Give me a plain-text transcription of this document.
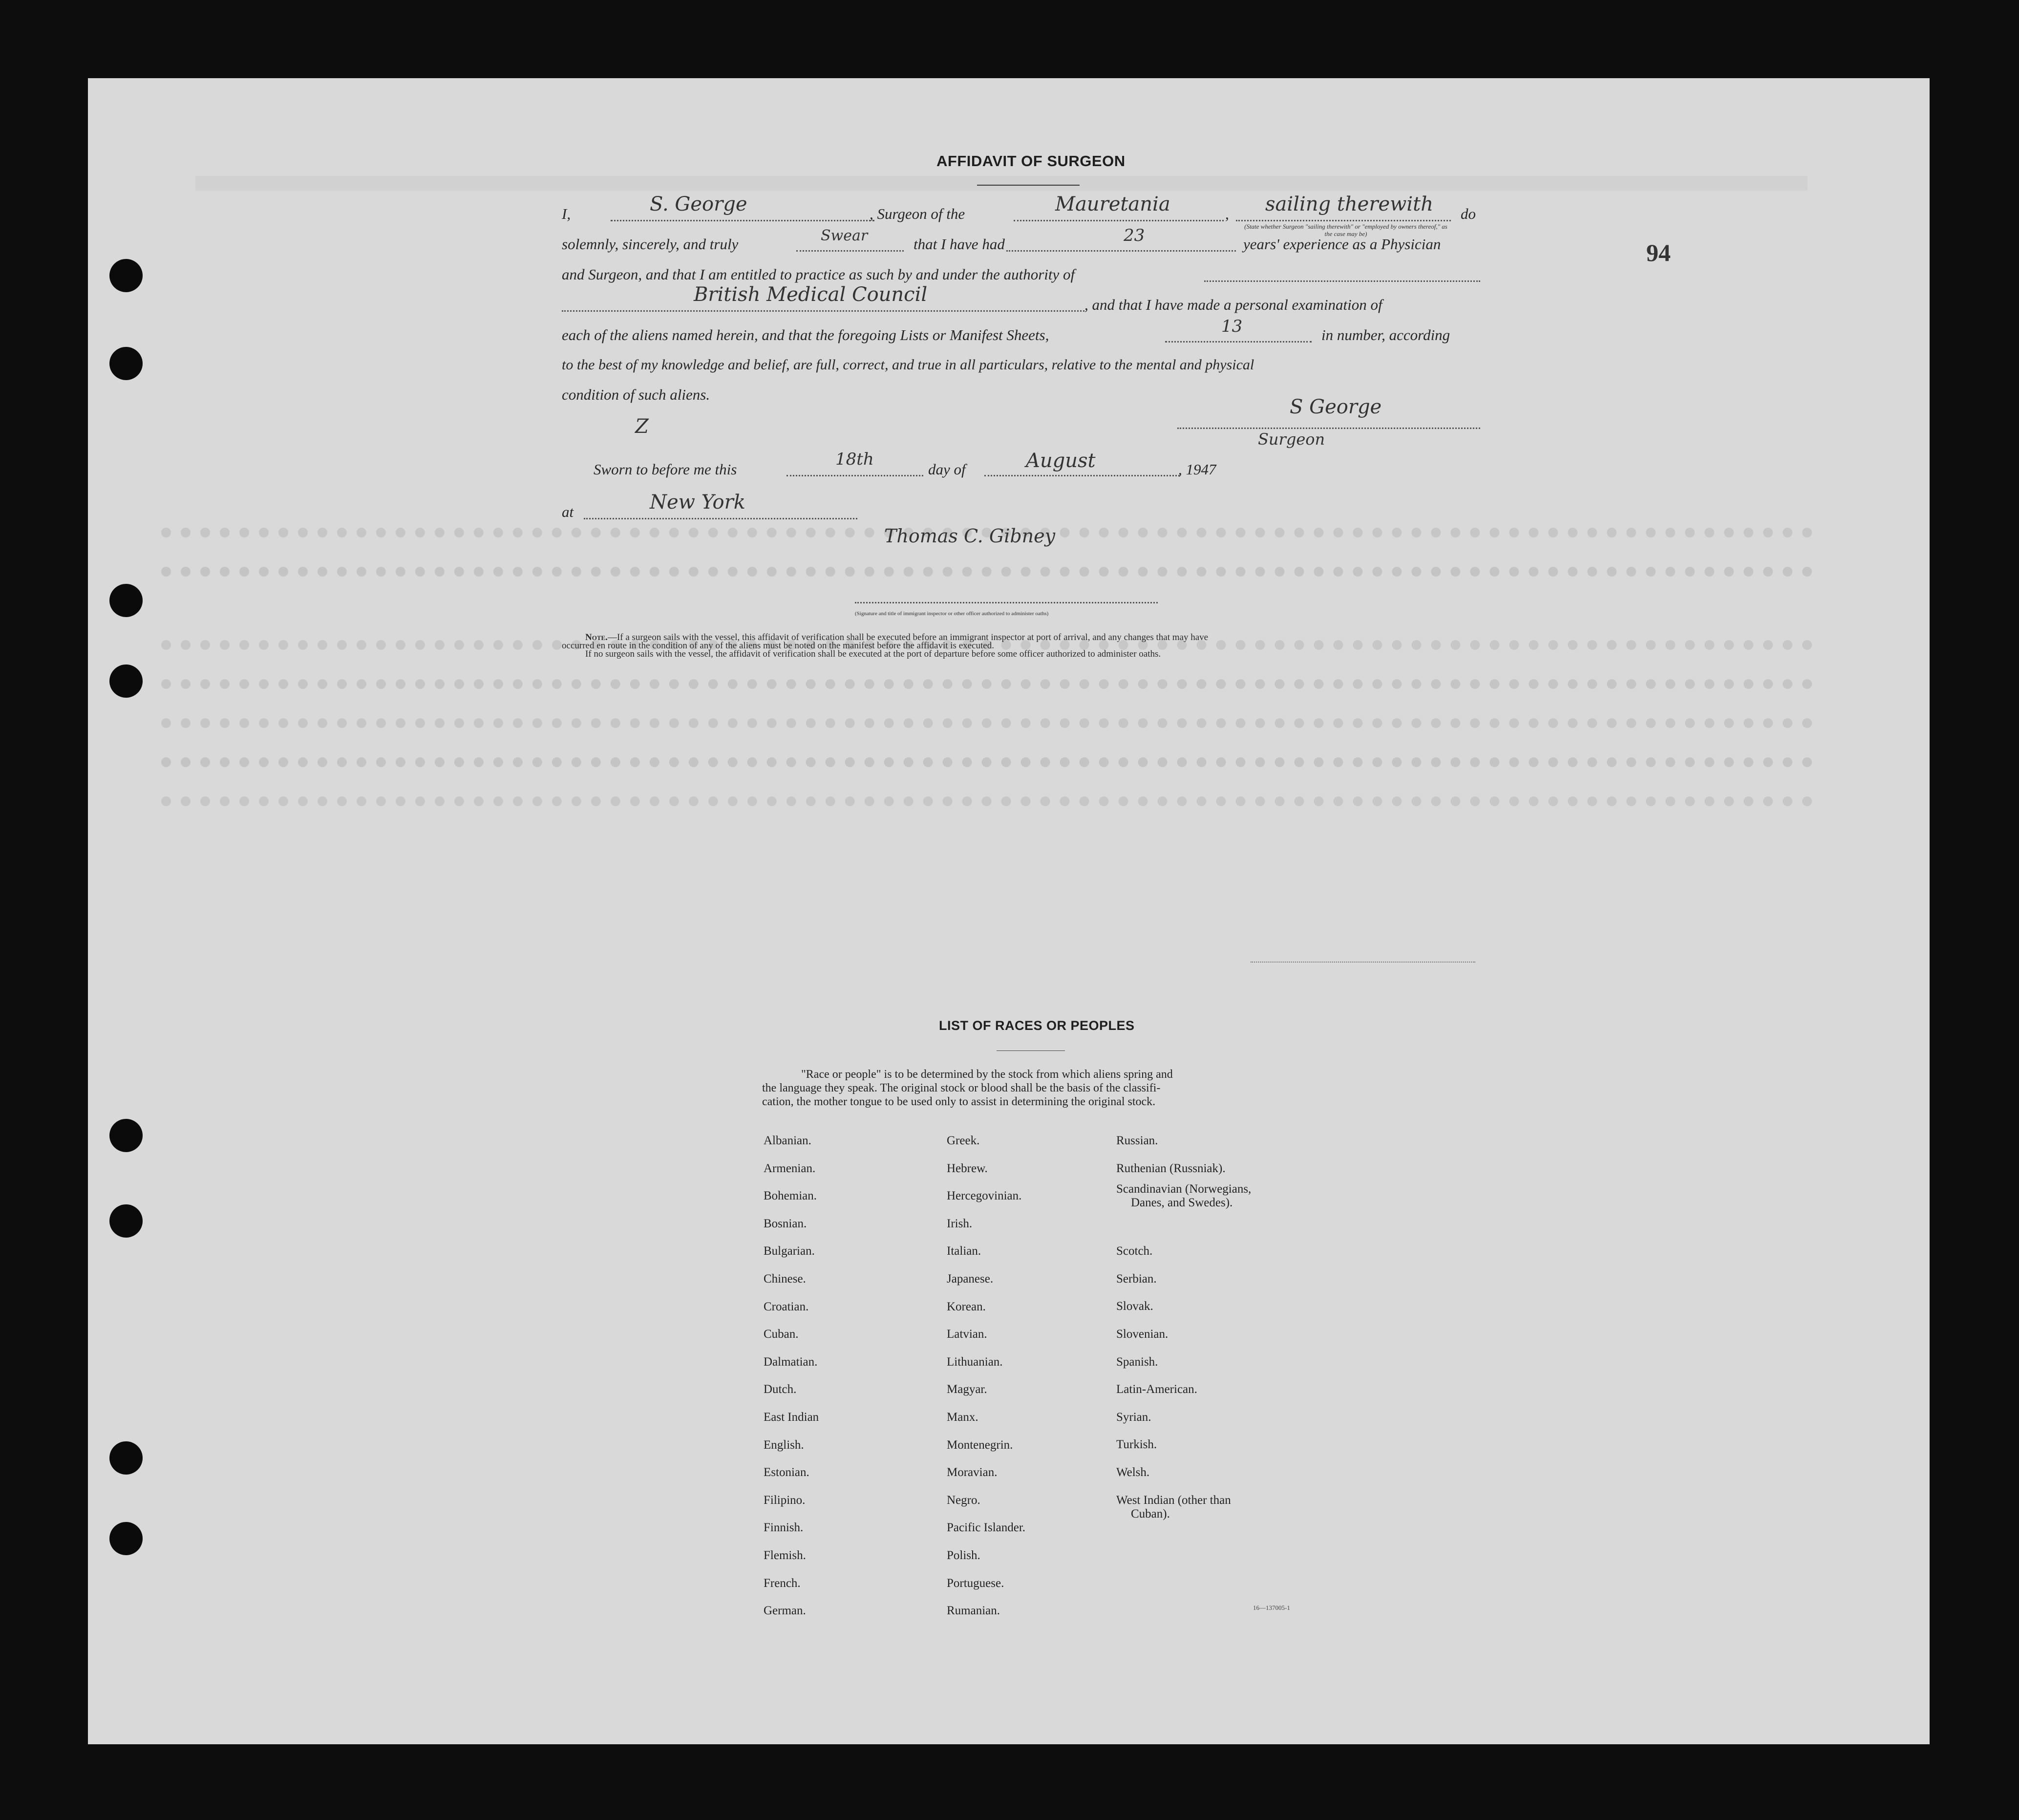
94
AFFIDAVIT OF SURGEON
I,	S. George	, Surgeon of the	Mauretania	, sailing therewith do
(State whether Surgeon "sailing therewith" or "employed by owners thereof," as the case may be)
solemnly, sincerely, and truly	Swear	that I have had	23	years' experience as a Physician
and Surgeon, and that I am entitled to practice as such by and under the authority of
British Medical Council	, and that I have made a personal examination of
each of the aliens named herein, and that the foregoing Lists or Manifest Sheets,	13	in number, according
to the best of my knowledge and belief, are full, correct, and true in all particulars, relative to the mental and physical
condition of such aliens.
S George
Surgeon
Z
Sworn to before me this
18th
day of	August	, 1947
at	New York
Thomas C. Gibney
(Signature and title of immigrant inspector or other officer authorized to administer oaths)
Note.—If a surgeon sails with the vessel, this affidavit of verification shall be executed before an immigrant inspector at port of arrival, and any changes that may have
occurred en route in the condition of any of the aliens must be noted on the manifest before the affidavit is executed.
If no surgeon sails with the vessel, the affidavit of verification shall be executed at the port of departure before some officer authorized to administer oaths.
LIST OF RACES OR PEOPLES
"Race or people" is to be determined by the stock from which aliens spring and
the language they speak. The original stock or blood shall be the basis of the classifi-
cation, the mother tongue to be used only to assist in determining the original stock.
Albanian.
Armenian.
Bohemian.
Bosnian.
Bulgarian.
Chinese.
Croatian.
Cuban.
Dalmatian.
Dutch.
East Indian
English.
Estonian.
Filipino.
Finnish.
Flemish.
French.
German.
Greek.
Hebrew.
Hercegovinian.
Irish.
Italian.
Japanese.
Korean.
Latvian.
Lithuanian.
Magyar.
Manx.
Montenegrin.
Moravian.
Negro.
Pacific Islander.
Polish.
Portuguese.
Rumanian.
Russian.
Ruthenian (Russniak).
Scandinavian (Norwegians,
Danes, and Swedes).
Scotch.
Serbian.
Slovak.
Slovenian.
Spanish.
Latin-American.
Syrian.
Turkish.
Welsh.
West Indian (other than
Cuban).
16—137005-1
